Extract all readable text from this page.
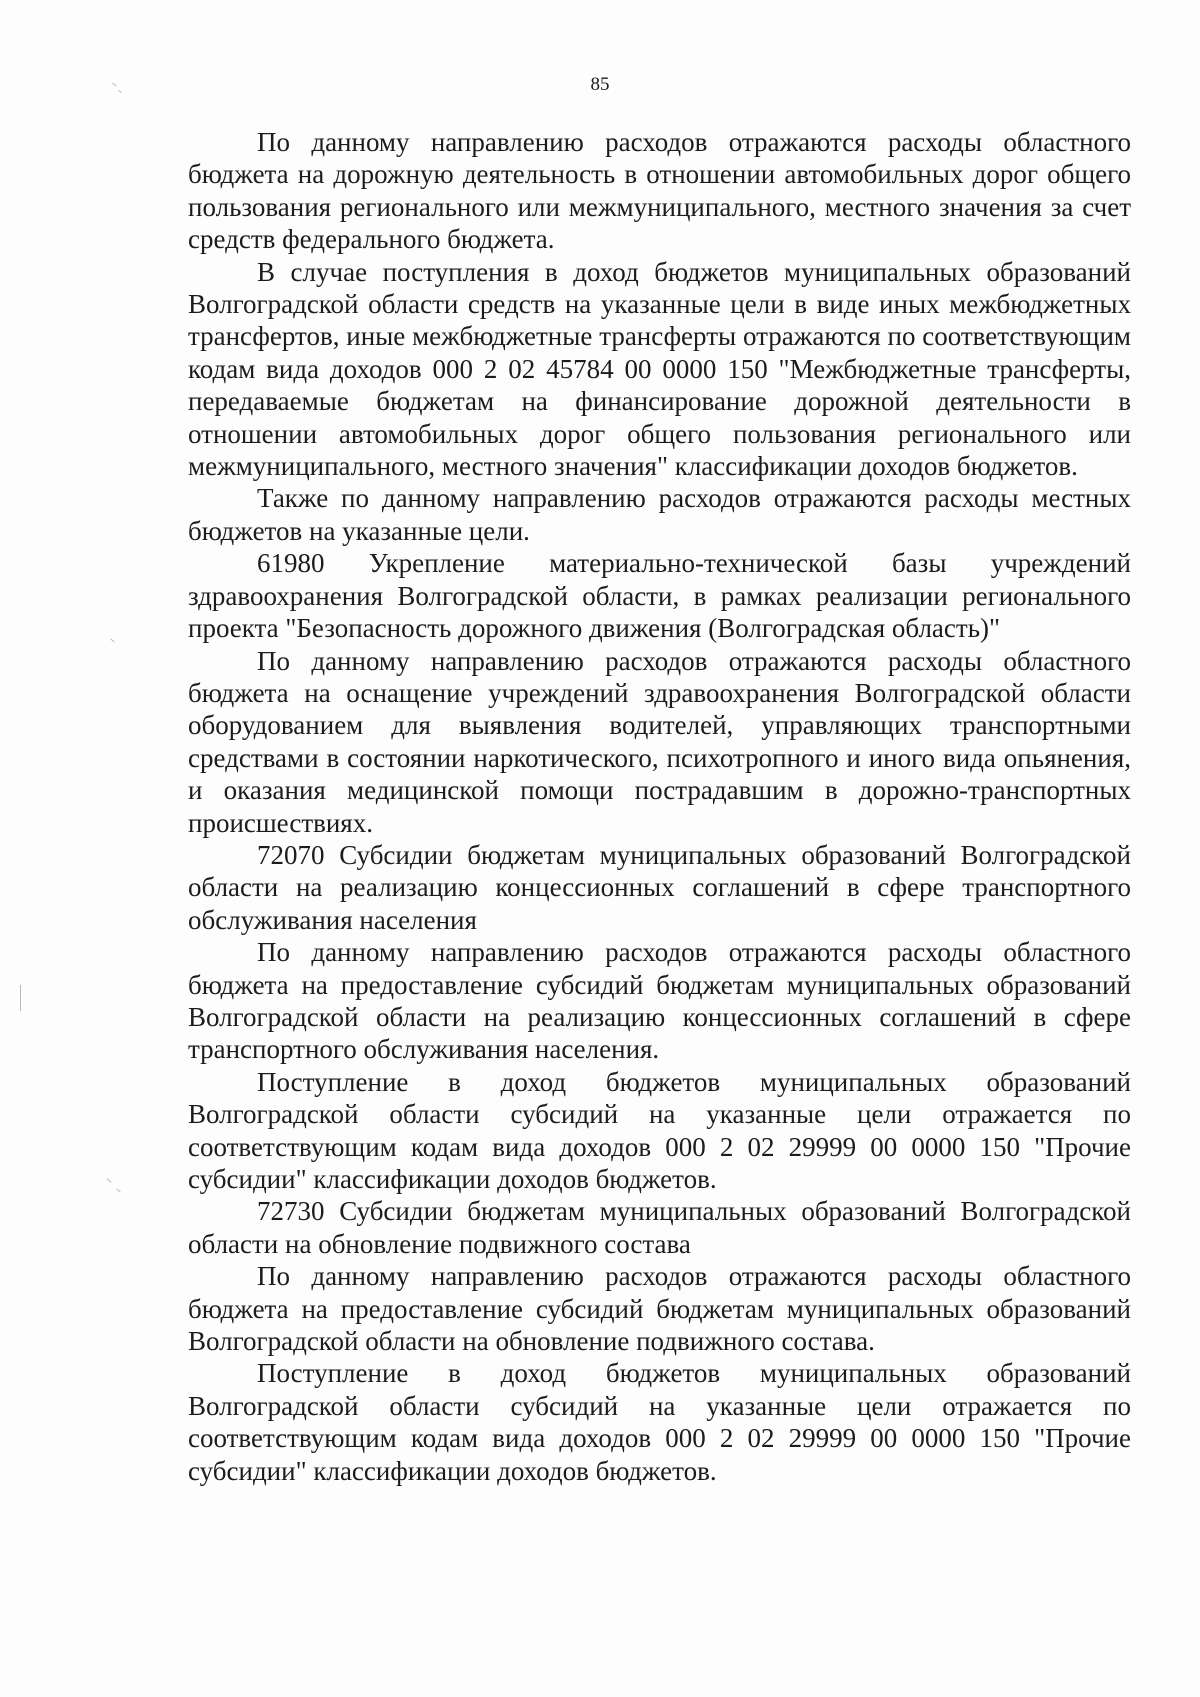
85

По данному направлению расходов отражаются расходы областного бюджета на дорожную деятельность в отношении автомобильных дорог общего пользования регионального или межмуниципального, местного значения за счет средств федерального бюджета.

В случае поступления в доход бюджетов муниципальных образований Волгоградской области средств на указанные цели в виде иных межбюджетных трансфертов, иные межбюджетные трансферты отражаются по соответствующим кодам вида доходов 000 2 02 45784 00 0000 150 "Межбюджетные трансферты, передаваемые бюджетам на финансирование дорожной деятельности в отношении автомобильных дорог общего пользования регионального или межмуниципального, местного значения" классификации доходов бюджетов.

Также по данному направлению расходов отражаются расходы местных бюджетов на указанные цели.

61980 Укрепление материально-технической базы учреждений здравоохранения Волгоградской области, в рамках реализации регионального проекта "Безопасность дорожного движения (Волгоградская область)"

По данному направлению расходов отражаются расходы областного бюджета на оснащение учреждений здравоохранения Волгоградской области оборудованием для выявления водителей, управляющих транспортными средствами в состоянии наркотического, психотропного и иного вида опьянения, и оказания медицинской помощи пострадавшим в дорожно-транспортных происшествиях.

72070 Субсидии бюджетам муниципальных образований Волгоградской области на реализацию концессионных соглашений в сфере транспортного обслуживания населения

По данному направлению расходов отражаются расходы областного бюджета на предоставление субсидий бюджетам муниципальных образований Волгоградской области на реализацию концессионных соглашений в сфере транспортного обслуживания населения.

Поступление в доход бюджетов муниципальных образований Волгоградской области субсидий на указанные цели отражается по соответствующим кодам вида доходов 000 2 02 29999 00 0000 150 "Прочие субсидии" классификации доходов бюджетов.

72730 Субсидии бюджетам муниципальных образований Волгоградской области на обновление подвижного состава

По данному направлению расходов отражаются расходы областного бюджета на предоставление субсидий бюджетам муниципальных образований Волгоградской области на обновление подвижного состава.

Поступление в доход бюджетов муниципальных образований Волгоградской области субсидий на указанные цели отражается по соответствующим кодам вида доходов 000 2 02 29999 00 0000 150 "Прочие субсидии" классификации доходов бюджетов.
